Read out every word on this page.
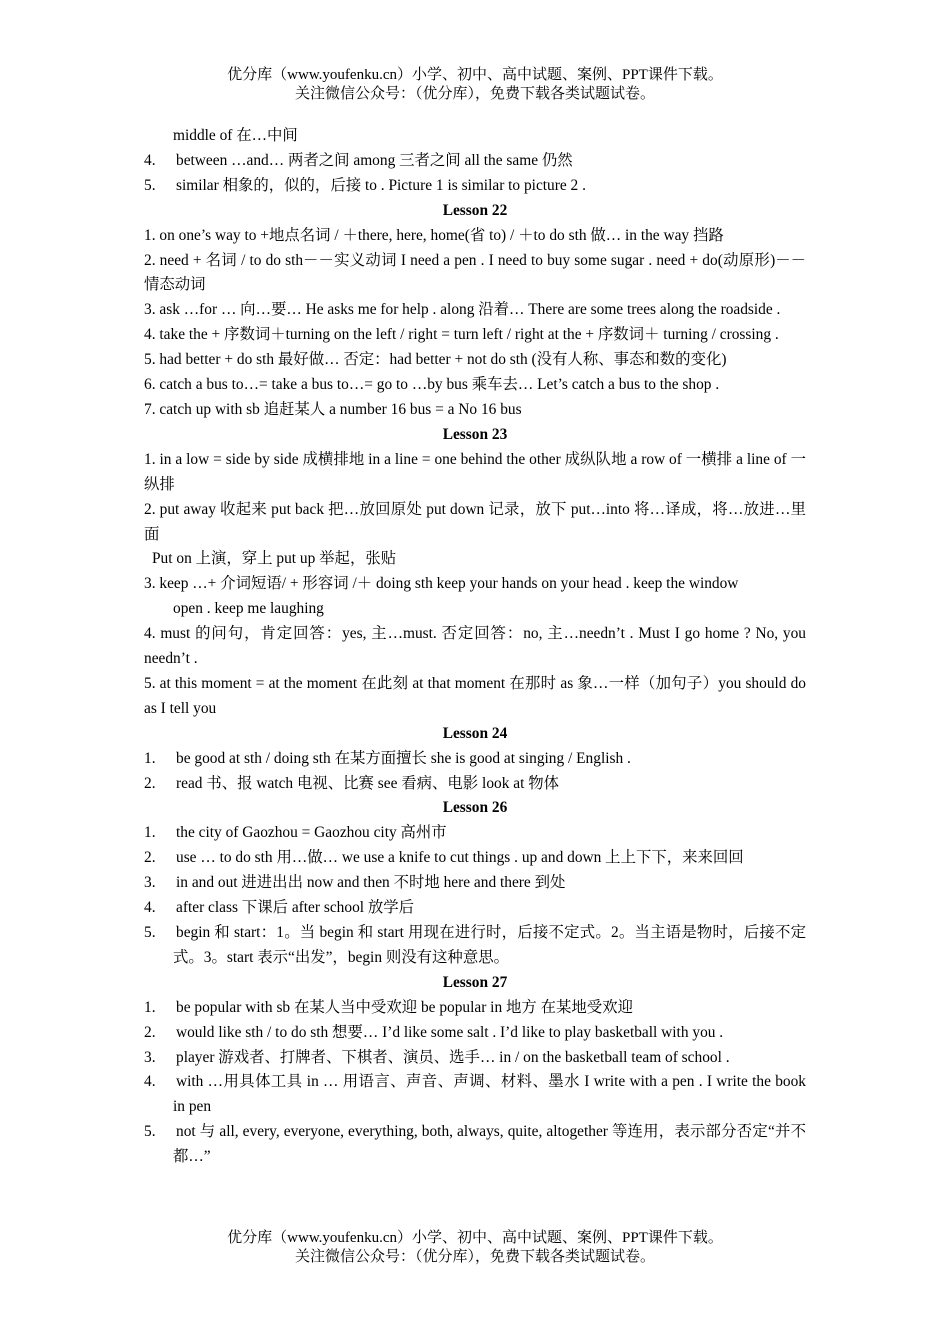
优分库（www.youfenku.cn）小学、初中、高中试题、案例、PPT课件下载。
关注微信公众号：（优分库），免费下载各类试题试卷。
middle of 在…中间
4. between …and… 两者之间 among 三者之间 all the same 仍然
5. similar 相象的，似的，后接 to . Picture 1 is similar to picture 2 .
Lesson 22
1. on one’s way to +地点名词 / ＋there, here, home(省 to) / ＋to do sth 做… in the way 挡路
2. need + 名词 / to do sth－－实义动词 I need a pen . I need to buy some sugar . need + do(动原形)－－情态动词
3. ask …for … 向…要… He asks me for help . along 沿着… There are some trees along the roadside .
4. take the + 序数词＋turning on the left / right = turn left / right at the + 序数词＋ turning / crossing .
5. had better + do sth 最好做… 否定：had better + not do sth (没有人称、事态和数的变化)
6. catch a bus to…= take a bus to…= go to …by bus 乘车去… Let’s catch a bus to the shop .
7. catch up with sb 追赶某人 a number 16 bus = a No 16 bus
Lesson 23
1. in a low = side by side 成横排地 in a line = one behind the other 成纵队地 a row of 一横排 a line of 一纵排
2. put away 收起来 put back 把…放回原处 put down 记录，放下 put…into 将…译成，将…放进…里面
Put on 上演，穿上 put up 举起，张贴
3. keep …+ 介词短语/ + 形容词 /＋ doing sth keep your hands on your head . keep the window
open . keep me laughing
4. must 的问句，肯定回答：yes, 主…must. 否定回答：no, 主…needn’t . Must I go home ? No, you needn’t .
5. at this moment = at the moment 在此刻 at that moment 在那时 as 象…一样（加句子）you should do as I tell you
Lesson 24
1. be good at sth / doing sth 在某方面擅长 she is good at singing / English .
2. read 书、报 watch 电视、比赛 see 看病、电影 look at 物体
Lesson 26
1. the city of Gaozhou = Gaozhou city 高州市
2. use … to do sth 用…做… we use a knife to cut things . up and down 上上下下，来来回回
3. in and out 进进出出 now and then 不时地 here and there 到处
4. after class 下课后 after school 放学后
5.	begin 和 start：1。当 begin 和 start 用现在进行时，后接不定式。2。当主语是物时，后接不定式。3。start 表示“出发”，begin 则没有这种意思。
Lesson 27
1. be popular with sb 在某人当中受欢迎 be popular in 地方 在某地受欢迎
2. would like sth / to do sth 想要… I’d like some salt . I’d like to play basketball with you .
3. player 游戏者、打牌者、下棋者、演员、选手… in / on the basketball team of school .
4.	with …用具体工具 in … 用语言、声音、声调、材料、墨水 I write with a pen . I write the book in pen
5.	not 与 all, every, everyone, everything, both, always, quite, altogether 等连用，表示部分否定“并不都…”
优分库（www.youfenku.cn）小学、初中、高中试题、案例、PPT课件下载。
关注微信公众号：（优分库），免费下载各类试题试卷。
